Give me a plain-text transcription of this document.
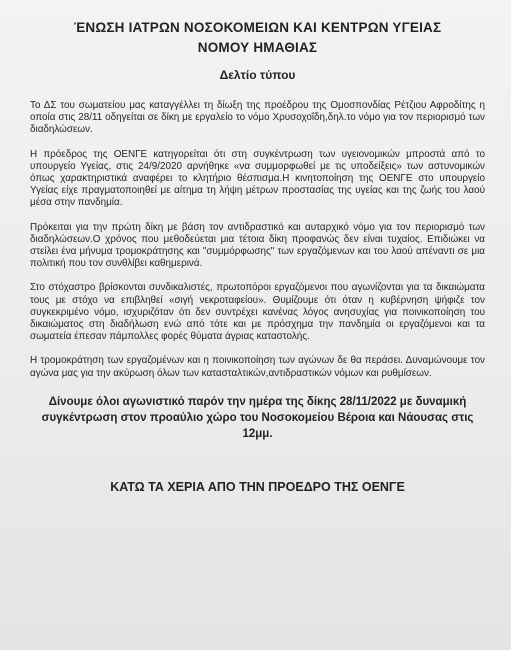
ΈΝΩΣΗ ΙΑΤΡΩΝ ΝΟΣΟΚΟΜΕΙΩΝ ΚΑΙ ΚΕΝΤΡΩΝ ΥΓΕΙΑΣ
ΝΟΜΟΥ ΗΜΑΘΙΑΣ
Δελτίο τύπου

Το ΔΣ του σωματείου μας καταγγέλλει τη δίωξη της προέδρου της Ομοσπονδίας Ρέτζιου Αφροδίτης η οποία στις 28/11 οδηγείται σε δίκη με εργαλείο το νόμο Χρυσοχοΐδη,δηλ.το νόμο για τον περιορισμό των διαδηλώσεων.

Η πρόεδρος της ΟΕΝΓΕ κατηγορείται ότι στη συγκέντρωση των υγειονομικών μπροστά από το υπουργείο Υγείας, στις 24/9/2020 αρνήθηκε «να συμμορφωθεί με τις υποδείξεις» των αστυνομικών όπως χαρακτηριστικά αναφέρει το κλητήριο θέσπισμα.Η κινητοποίηση της ΟΕΝΓΕ στο υπουργείο Υγείας είχε πραγματοποιηθεί με αίτημα τη λήψη μέτρων προστασίας της υγείας και της ζωής του λαού μέσα στην πανδημία.

Πρόκειται για την πρώτη δίκη με βάση τον αντιδραστικό και αυταρχικό νόμο για τον περιορισμό των διαδηλώσεων.Ο χρόνος που μεθοδεύεται μια τέτοια δίκη προφανώς δεν είναι τυχαίος. Επιδιώκει να στείλει ένα μήνυμα τρομοκράτησης και "συμμόρφωσης" των εργαζόμενων και του λαού απέναντι σε μια πολιτική που τον συνθλίβει καθημερινά.

Στο στόχαστρο βρίσκονται συνδικαλιστές, πρωτοπόροι εργαζόμενοι που αγωνίζονται για τα δικαιώματα τους με στόχο να επιβληθεί «σιγή νεκροταφείου». Θυμίζουμε ότι όταν η κυβέρνηση ψήφιζε τον συγκεκριμένο νόμο, ισχυριζόταν ότι δεν συντρέχει κανένας λόγος ανησυχίας για ποινικοποίηση του δικαιώματος στη διαδήλωση ενώ από τότε και με πρόσχημα την πανδημία οι εργαζόμενοι και τα σωματεία έπεσαν πάμπολλες φορές θύματα άγριας καταστολής.

Η τρομοκράτηση των εργαζομένων και η ποινικοποίηση των αγώνων δε θα περάσει. Δυναμώνουμε τον αγώνα μας για την ακύρωση όλων των κατασταλτικών,αντιδραστικών νόμων και ρυθμίσεων.

Δίνουμε όλοι αγωνιστικό παρόν την ημέρα της δίκης 28/11/2022 με δυναμική συγκέντρωση στον προαύλιο χώρο του Νοσοκομείου Βέροια και Νάουσας στις 12μμ.
ΚΑΤΩ ΤΑ ΧΕΡΙΑ ΑΠΟ ΤΗΝ ΠΡΟΕΔΡΟ ΤΗΣ ΟΕΝΓΕ
